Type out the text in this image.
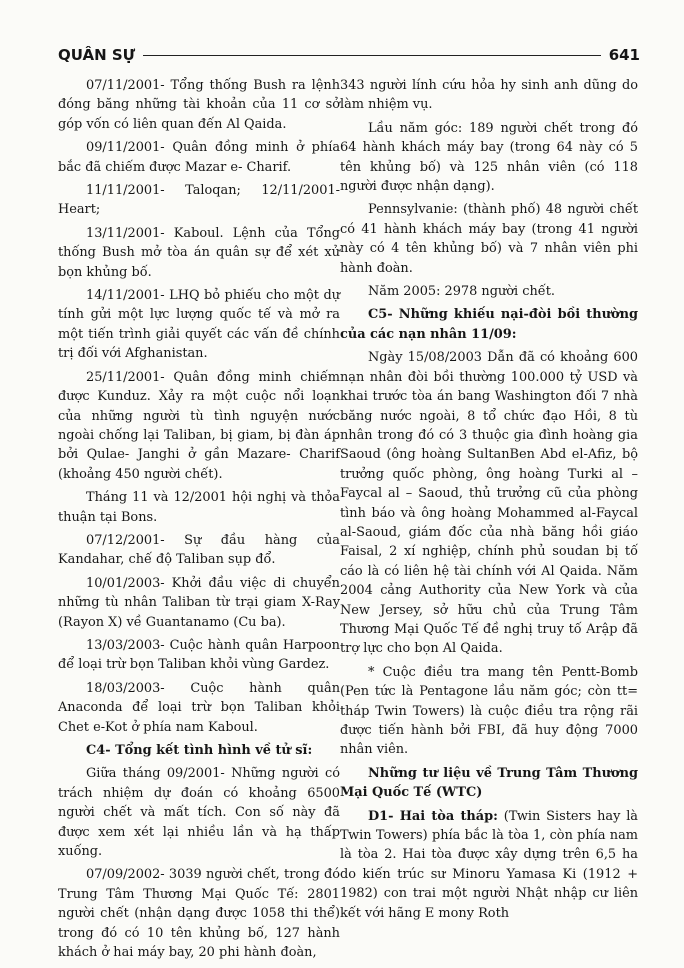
QUÂN SỰ	641

07/11/2001- Tổng thống Bush ra lệnh đóng băng những tài khoản của 11 cơ sở góp vốn có liên quan đến Al Qaida.

09/11/2001- Quân đồng minh ở phía bắc đã chiếm được Mazar e- Charif.

11/11/2001- Taloqan; 12/11/2001- Heart;

13/11/2001- Kaboul. Lệnh của Tổng thống Bush mở tòa án quân sự để xét xử bọn khủng bố.

14/11/2001- LHQ bỏ phiếu cho một dự tính gửi một lực lượng quốc tế và mở ra một tiến trình giải quyết các vấn đề chính trị đối với Afghanistan.

25/11/2001- Quân đồng minh chiếm được Kunduz. Xảy ra một cuộc nổi loạn của những người tù tình nguyện nước ngoài chống lại Taliban, bị giam, bị đàn áp bởi Qulae- Janghi ở gần Mazare- Charif (khoảng 450 người chết).

Tháng 11 và 12/2001 hội nghị và thỏa thuận tại Bons.

07/12/2001- Sự đầu hàng của Kandahar, chế độ Taliban sụp đổ.

10/01/2003- Khởi đầu việc di chuyển những tù nhân Taliban từ trại giam X-Ray (Rayon X) về Guantanamo (Cu ba).

13/03/2003- Cuộc hành quân Harpoon để loại trừ bọn Taliban khỏi vùng Gardez.

18/03/2003- Cuộc hành quân Anaconda để loại trừ bọn Taliban khỏi Chet e-Kot ở phía nam Kaboul.

C4- Tổng kết tình hình về tử sĩ:

Giữa tháng 09/2001- Những người có trách nhiệm dự đoán có khoảng 6500 người chết và mất tích. Con số này đã được xem xét lại nhiều lần và hạ thấp xuống.

07/09/2002- 3039 người chết, trong đó Trung Tâm Thương Mại Quốc Tế: 2801 người chết (nhận dạng được 1058 thi thể) trong đó có 10 tên khủng bố, 127 hành khách ở hai máy bay, 20 phi hành đoàn,

343 người lính cứu hỏa hy sinh anh dũng do làm nhiệm vụ.

Lầu năm góc: 189 người chết trong đó 64 hành khách máy bay (trong 64 này có 5 tên khủng bố) và 125 nhân viên (có 118 người được nhận dạng).

Pennsylvanie: (thành phố) 48 người chết có 41 hành khách máy bay (trong 41 người này có 4 tên khủng bố) và 7 nhân viên phi hành đoàn.

Năm 2005: 2978 người chết.

C5- Những khiếu nại-đòi bồi thường của các nạn nhân 11/09:

Ngày 15/08/2003 Dẫn đã có khoảng 600 nạn nhân đòi bồi thường 100.000 tỷ USD và khai trước tòa án bang Washington đối 7 nhà băng nước ngoài, 8 tổ chức đạo Hồi, 8 tù nhân trong đó có 3 thuộc gia đình hoàng gia Saoud (ông hoàng SultanBen Abd el-Afiz, bộ trưởng quốc phòng, ông hoàng Turki al – Faycal al – Saoud, thủ trưởng cũ của phòng tình báo và ông hoàng Mohammed al-Faycal al-Saoud, giám đốc của nhà băng hồi giáo Faisal, 2 xí nghiệp, chính phủ soudan bị tố cáo là có liên hệ tài chính với Al Qaida. Năm 2004 cảng Authority của New York và của New Jersey, sở hữu chủ của Trung Tâm Thương Mại Quốc Tế đề nghị truy tố Arập đã trợ lực cho bọn Al Qaida.

* Cuộc điều tra mang tên Pentt-Bomb (Pen tức là Pentagone lầu năm góc; còn tt= tháp Twin Towers) là cuộc điều tra rộng rãi được tiến hành bởi FBI, đã huy động 7000 nhân viên.

Những tư liệu về Trung Tâm Thương Mại Quốc Tế (WTC)

D1- Hai tòa tháp: (Twin Sisters hay là Twin Towers) phía bắc là tòa 1, còn phía nam là tòa 2. Hai tòa được xây dựng trên 6,5 ha do kiến trúc sư Minoru Yamasa Ki (1912 + 1982) con trai một người Nhật nhập cư liên kết với hãng E mony Roth
